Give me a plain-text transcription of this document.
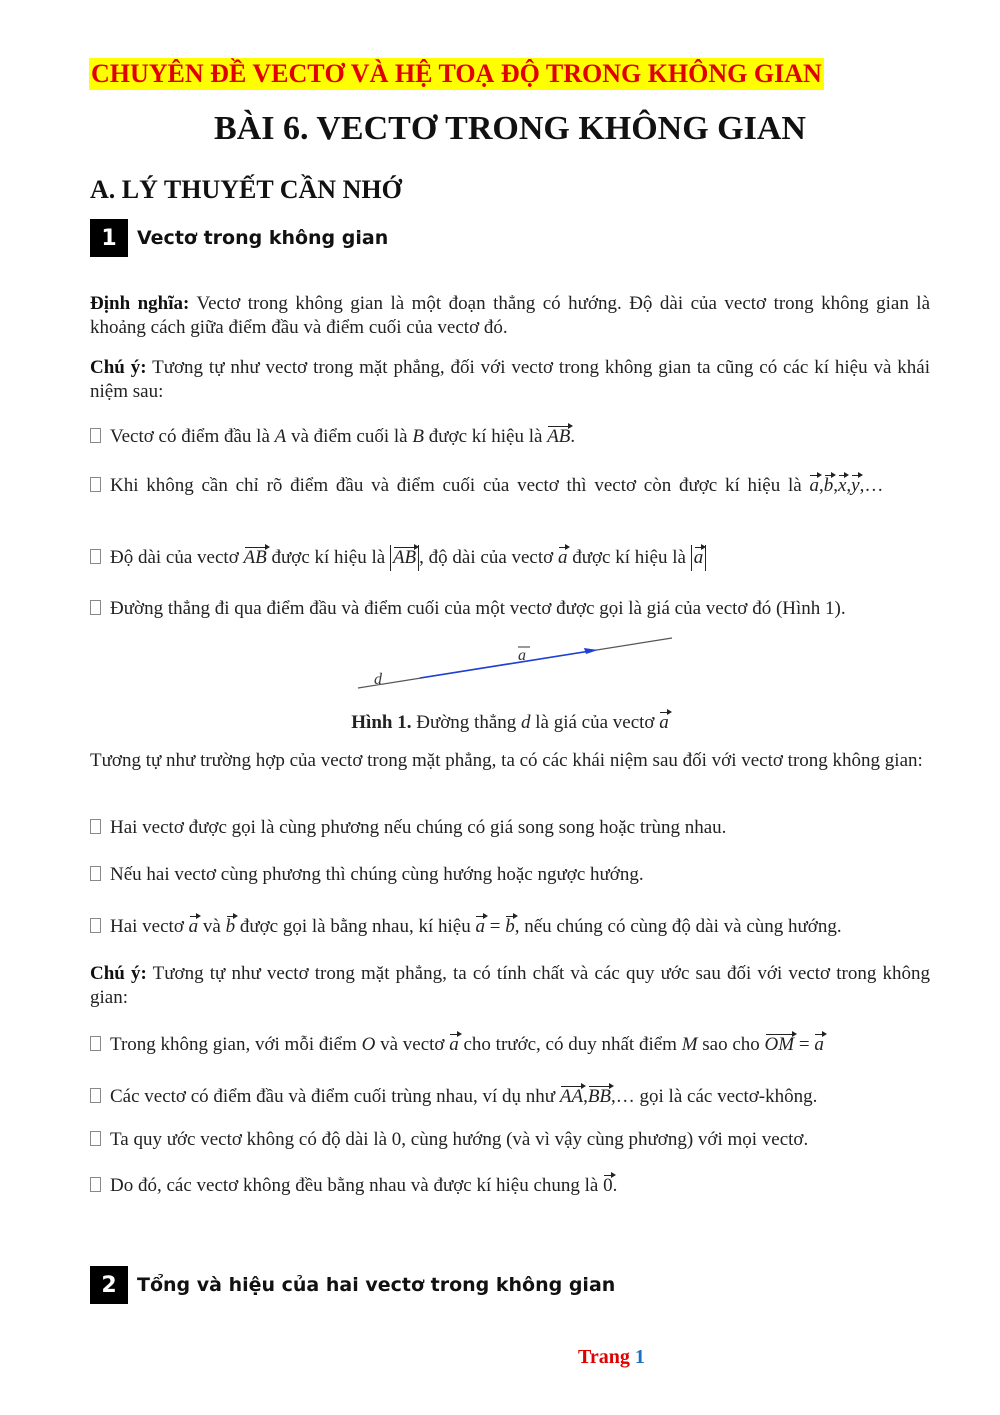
CHUYÊN ĐỀ VECTƠ VÀ HỆ TOẠ ĐỘ TRONG KHÔNG GIAN
BÀI 6. VECTƠ TRONG KHÔNG GIAN
A. LÝ THUYẾT CẦN NHỚ
1	Vectơ trong không gian
Định nghĩa: Vectơ trong không gian là một đoạn thẳng có hướng. Độ dài của vectơ trong không gian là khoảng cách giữa điểm đầu và điểm cuối của vectơ đó.
Chú ý: Tương tự như vectơ trong mặt phẳng, đối với vectơ trong không gian ta cũng có các kí hiệu và khái niệm sau:
Vectơ có điểm đầu là A và điểm cuối là B được kí hiệu là AB.
Khi không cần chỉ rõ điểm đầu và điểm cuối của vectơ thì vectơ còn được kí hiệu là a,b,x,y,…
Độ dài của vectơ AB được kí hiệu là AB , độ dài của vectơ a được kí hiệu là a
Đường thẳng đi qua điểm đầu và điểm cuối của một vectơ được gọi là giá của vectơ đó (Hình 1).
d
a
Hình 1. Đường thẳng d là giá của vectơ a
Tương tự như trường hợp của vectơ trong mặt phẳng, ta có các khái niệm sau đối với vectơ trong không gian:
Hai vectơ được gọi là cùng phương nếu chúng có giá song song hoặc trùng nhau.
Nếu hai vectơ cùng phương thì chúng cùng hướng hoặc ngược hướng.
Hai vectơ a và b được gọi là bằng nhau, kí hiệu a = b, nếu chúng có cùng độ dài và cùng hướng.
Chú ý: Tương tự như vectơ trong mặt phẳng, ta có tính chất và các quy ước sau đối với vectơ trong không gian:
Trong không gian, với mỗi điểm O và vectơ a cho trước, có duy nhất điểm M sao cho OM = a
Các vectơ có điểm đầu và điểm cuối trùng nhau, ví dụ như AA,BB,… gọi là các vectơ-không.
Ta quy ước vectơ không có độ dài là 0, cùng hướng (và vì vậy cùng phương) với mọi vectơ.
Do đó, các vectơ không đều bằng nhau và được kí hiệu chung là 0.
2	Tổng và hiệu của hai vectơ trong không gian
Trang 1
